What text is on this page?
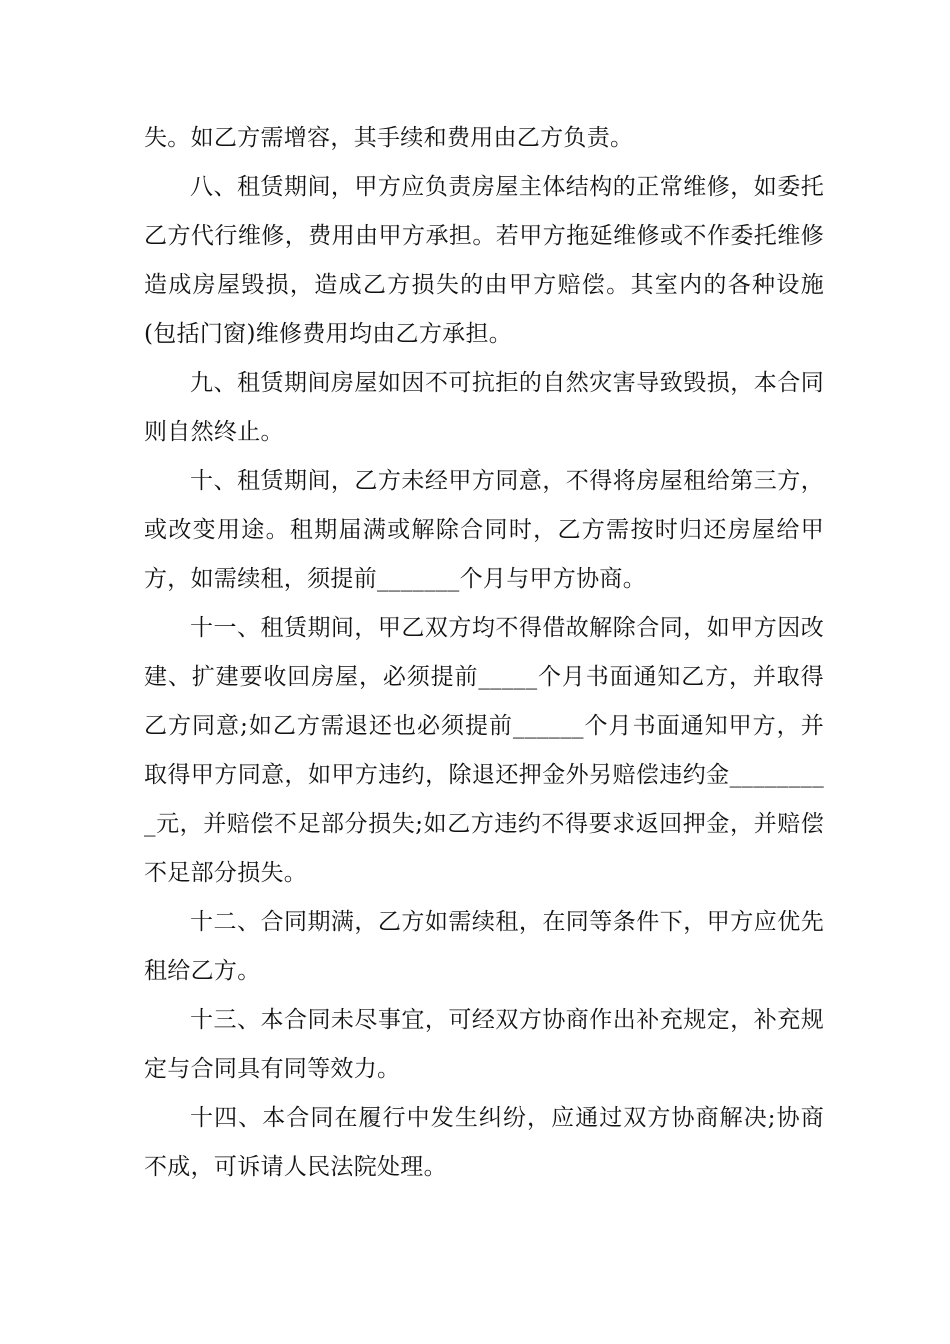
失。如乙方需增容，其手续和费用由乙方负责。

八、租赁期间，甲方应负责房屋主体结构的正常维修，如委托乙方代行维修，费用由甲方承担。若甲方拖延维修或不作委托维修造成房屋毁损，造成乙方损失的由甲方赔偿。其室内的各种设施(包括门窗)维修费用均由乙方承担。

九、租赁期间房屋如因不可抗拒的自然灾害导致毁损，本合同则自然终止。

十、租赁期间，乙方未经甲方同意，不得将房屋租给第三方，或改变用途。租期届满或解除合同时，乙方需按时归还房屋给甲方，如需续租，须提前_______个月与甲方协商。

十一、租赁期间，甲乙双方均不得借故解除合同，如甲方因改建、扩建要收回房屋，必须提前_____个月书面通知乙方，并取得乙方同意;如乙方需退还也必须提前______个月书面通知甲方，并取得甲方同意，如甲方违约，除退还押金外另赔偿违约金_________元，并赔偿不足部分损失;如乙方违约不得要求返回押金，并赔偿不足部分损失。

十二、合同期满，乙方如需续租，在同等条件下，甲方应优先租给乙方。

十三、本合同未尽事宜，可经双方协商作出补充规定，补充规定与合同具有同等效力。

十四、本合同在履行中发生纠纷，应通过双方协商解决;协商不成，可诉请人民法院处理。
